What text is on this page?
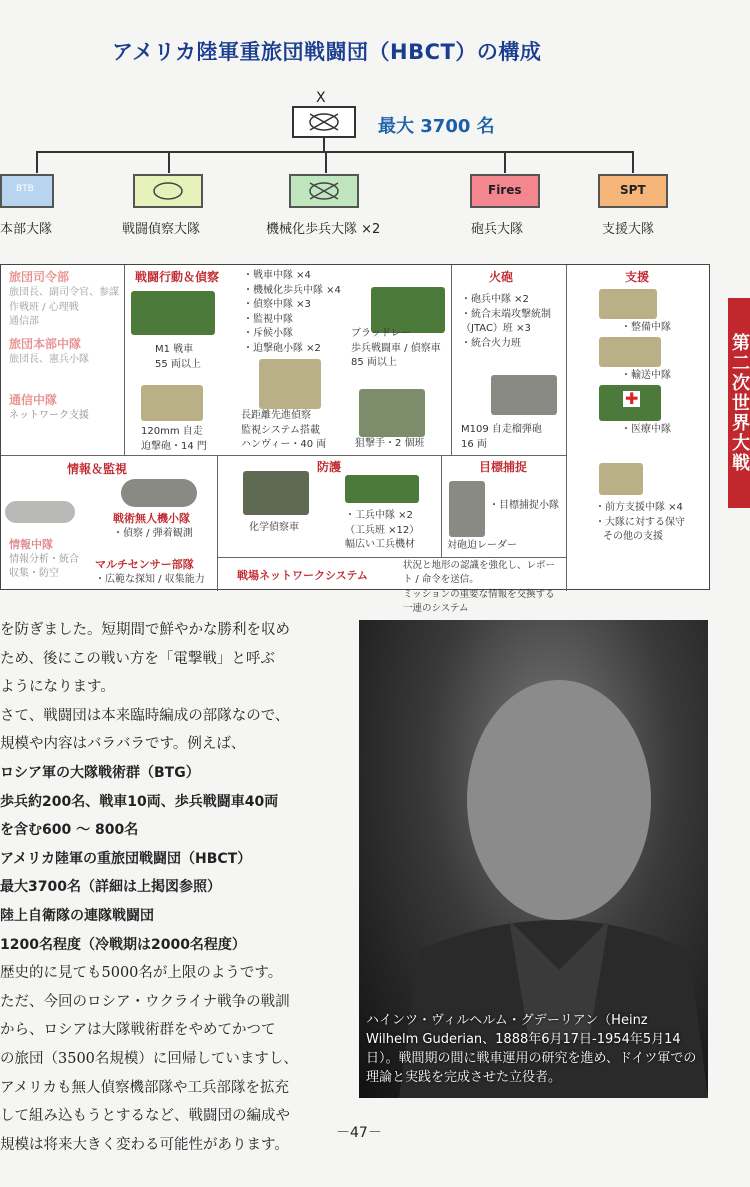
アメリカ陸軍重旅団戦闘団（HBCT）の構成
X
最大 3700 名
BTB
本部大隊	戦闘偵察大隊	機械化歩兵大隊 ×2
Fires
砲兵大隊
SPT
支援大隊
旅団司令部
旅団長、副司令官、参謀
作戦班 / 心理戦
通信部
旅団本部中隊
旅団長、憲兵小隊
通信中隊
ネットワーク支援
戦闘行動＆偵察
M1 戦車
55 両以上
120mm 自走
迫撃砲・14 門
・戦車中隊 ×4
・機械化歩兵中隊 ×4
・偵察中隊 ×3
・監視中隊
・斥候小隊
・迫撃砲小隊 ×2
ブラッドレー
歩兵戦闘車 / 偵察車
85 両以上
長距離先進偵察
監視システム搭載
ハンヴィー・40 両	狙撃手・2 個班
火砲
・砲兵中隊 ×2
・統合末端攻撃統制
（JTAC）班 ×3
・統合火力班
M109 自走榴弾砲
16 両
支援
・整備中隊
・輸送中隊
✚
・医療中隊
・前方支援中隊 ×4
・大隊に対する保守
その他の支援
情報＆監視
戦術無人機小隊
・偵察 / 弾着観測
情報中隊
情報分析・統合
収集・防空
マルチセンサー部隊
・広範な探知 / 収集能力
防護
化学偵察車
・工兵中隊 ×2
（工兵班 ×12）
幅広い工兵機材
目標捕捉
・目標捕捉小隊
対砲迫レーダー
戦場ネットワークシステム
状況と地形の認識を強化し、レポート / 命令を送信。
ミッションの重要な情報を交換する一連のシステム
第二次世界大戦
を防ぎました。短期間で鮮やかな勝利を収め
ため、後にこの戦い方を「電撃戦」と呼ぶ
ようになります。
さて、戦闘団は本来臨時編成の部隊なので、
規模や内容はバラバラです。例えば、
ロシア軍の大隊戦術群（BTG）
歩兵約200名、戦車10両、歩兵戦闘車40両
を含む600 〜 800名
アメリカ陸軍の重旅団戦闘団（HBCT）
最大3700名（詳細は上掲図参照）
陸上自衛隊の連隊戦闘団
1200名程度（冷戦期は2000名程度）
歴史的に見ても5000名が上限のようです。
ただ、今回のロシア・ウクライナ戦争の戦訓
から、ロシアは大隊戦術群をやめてかつて
の旅団（3500名規模）に回帰していますし、
アメリカも無人偵察機部隊や工兵部隊を拡充
して組み込もうとするなど、戦闘団の編成や
規模は将来大きく変わる可能性があります。
ハインツ・ヴィルヘルム・グデーリアン（Heinz Wilhelm Guderian、1888年6月17日-1954年5月14日）。戦間期の間に戦車運用の研究を進め、ドイツ軍での理論と実践を完成させた立役者。
－47－
